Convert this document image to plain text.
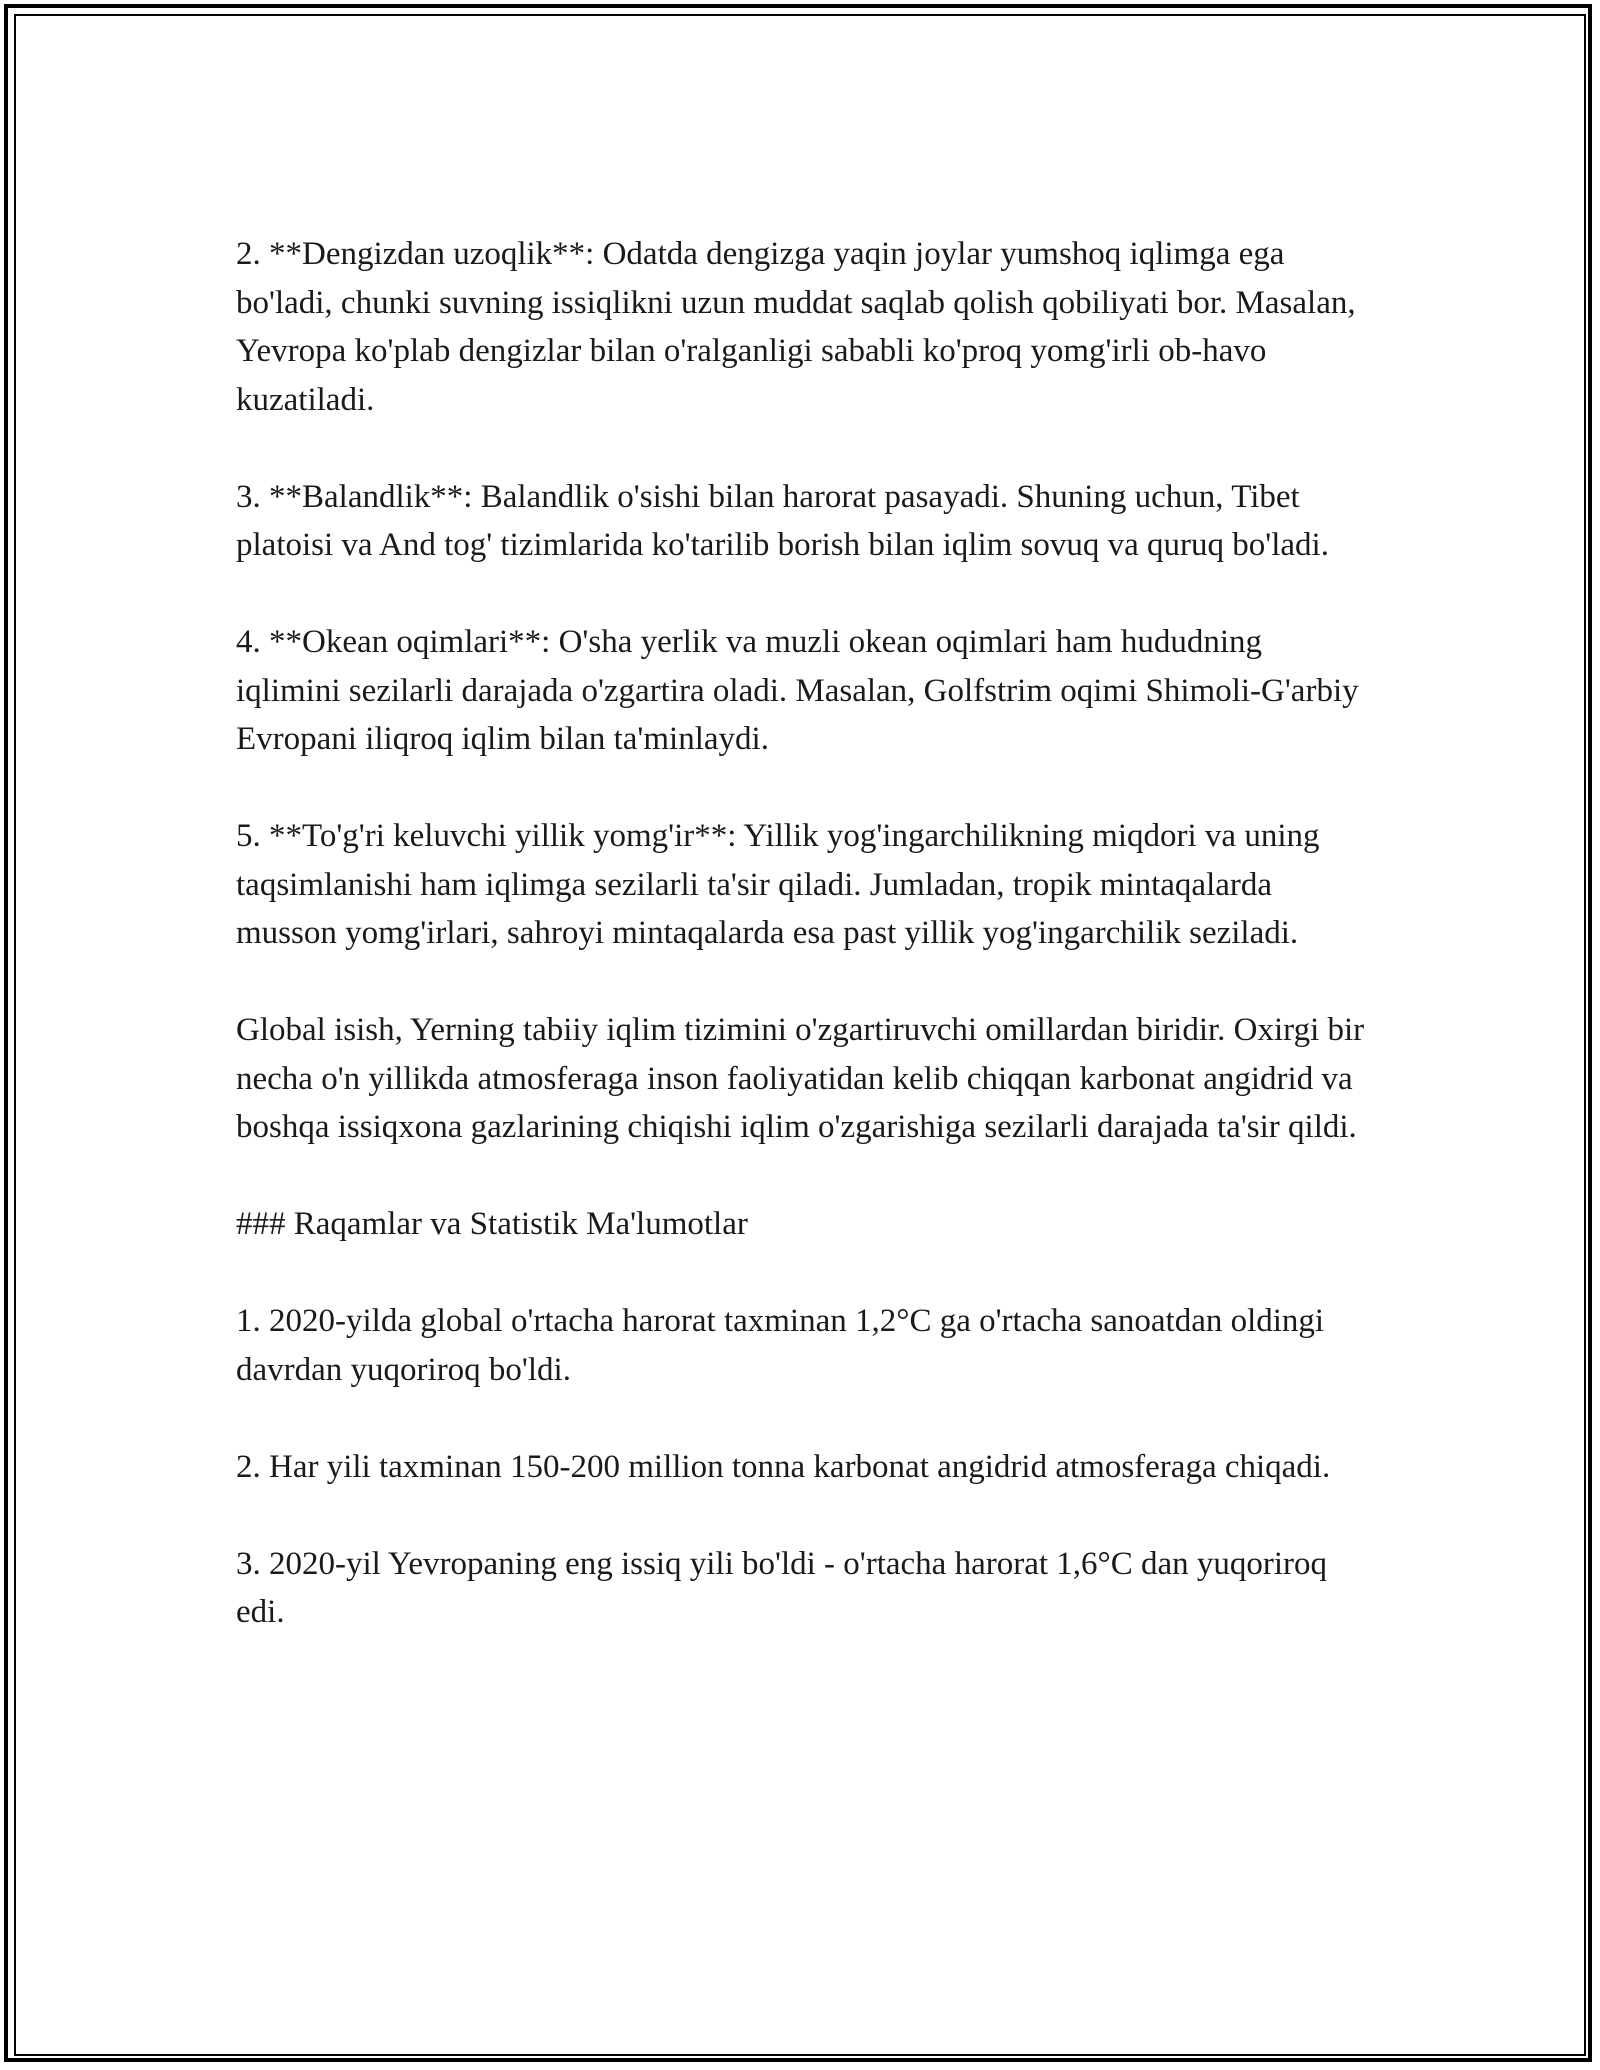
2. **Dengizdan uzoqlik**: Odatda dengizga yaqin joylar yumshoq iqlimga ega bo'ladi, chunki suvning issiqlikni uzun muddat saqlab qolish qobiliyati bor. Masalan, Yevropa ko'plab dengizlar bilan o'ralganligi sababli ko'proq yomg'irli ob-havo kuzatiladi.

3. **Balandlik**: Balandlik o'sishi bilan harorat pasayadi. Shuning uchun, Tibet platoisi va And tog' tizimlarida ko'tarilib borish bilan iqlim sovuq va quruq bo'ladi.

4. **Okean oqimlari**: O'sha yerlik va muzli okean oqimlari ham hududning iqlimini sezilarli darajada o'zgartira oladi. Masalan, Golfstrim oqimi Shimoli-G'arbiy Evropani iliqroq iqlim bilan ta'minlaydi.

5. **To'g'ri keluvchi yillik yomg'ir**: Yillik yog'ingarchilikning miqdori va uning taqsimlanishi ham iqlimga sezilarli ta'sir qiladi. Jumladan, tropik mintaqalarda musson yomg'irlari, sahroyi mintaqalarda esa past yillik yog'ingarchilik seziladi.

Global isish, Yerning tabiiy iqlim tizimini o'zgartiruvchi omillardan biridir. Oxirgi bir necha o'n yillikda atmosferaga inson faoliyatidan kelib chiqqan karbonat angidrid va boshqa issiqxona gazlarining chiqishi iqlim o'zgarishiga sezilarli darajada ta'sir qildi.

### Raqamlar va Statistik Ma'lumotlar

1. 2020-yilda global o'rtacha harorat taxminan 1,2°C ga o'rtacha sanoatdan oldingi davrdan yuqoriroq bo'ldi.

2. Har yili taxminan 150-200 million tonna karbonat angidrid atmosferaga chiqadi.

3. 2020-yil Yevropaning eng issiq yili bo'ldi - o'rtacha harorat 1,6°C dan yuqoriroq edi.
